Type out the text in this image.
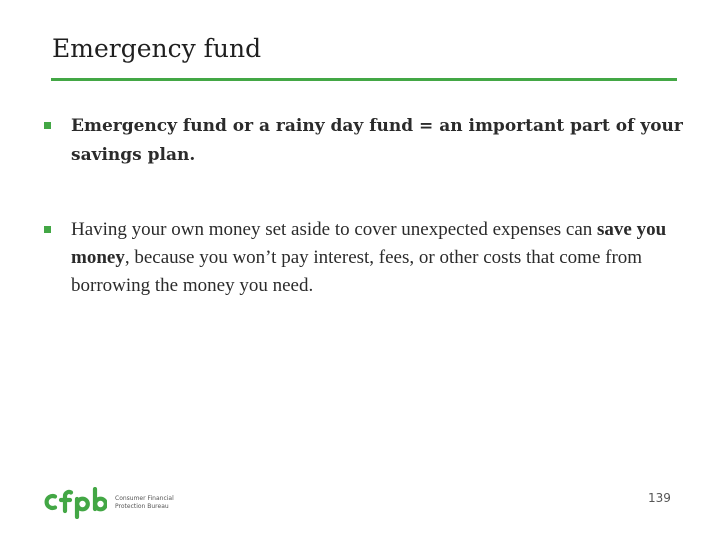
Emergency fund
Emergency fund or a rainy day fund = an important part of your savings plan.
Having your own money set aside to cover unexpected expenses can save you money, because you won’t pay interest, fees, or other costs that come from borrowing the money you need.
Consumer Financial Protection Bureau
139
